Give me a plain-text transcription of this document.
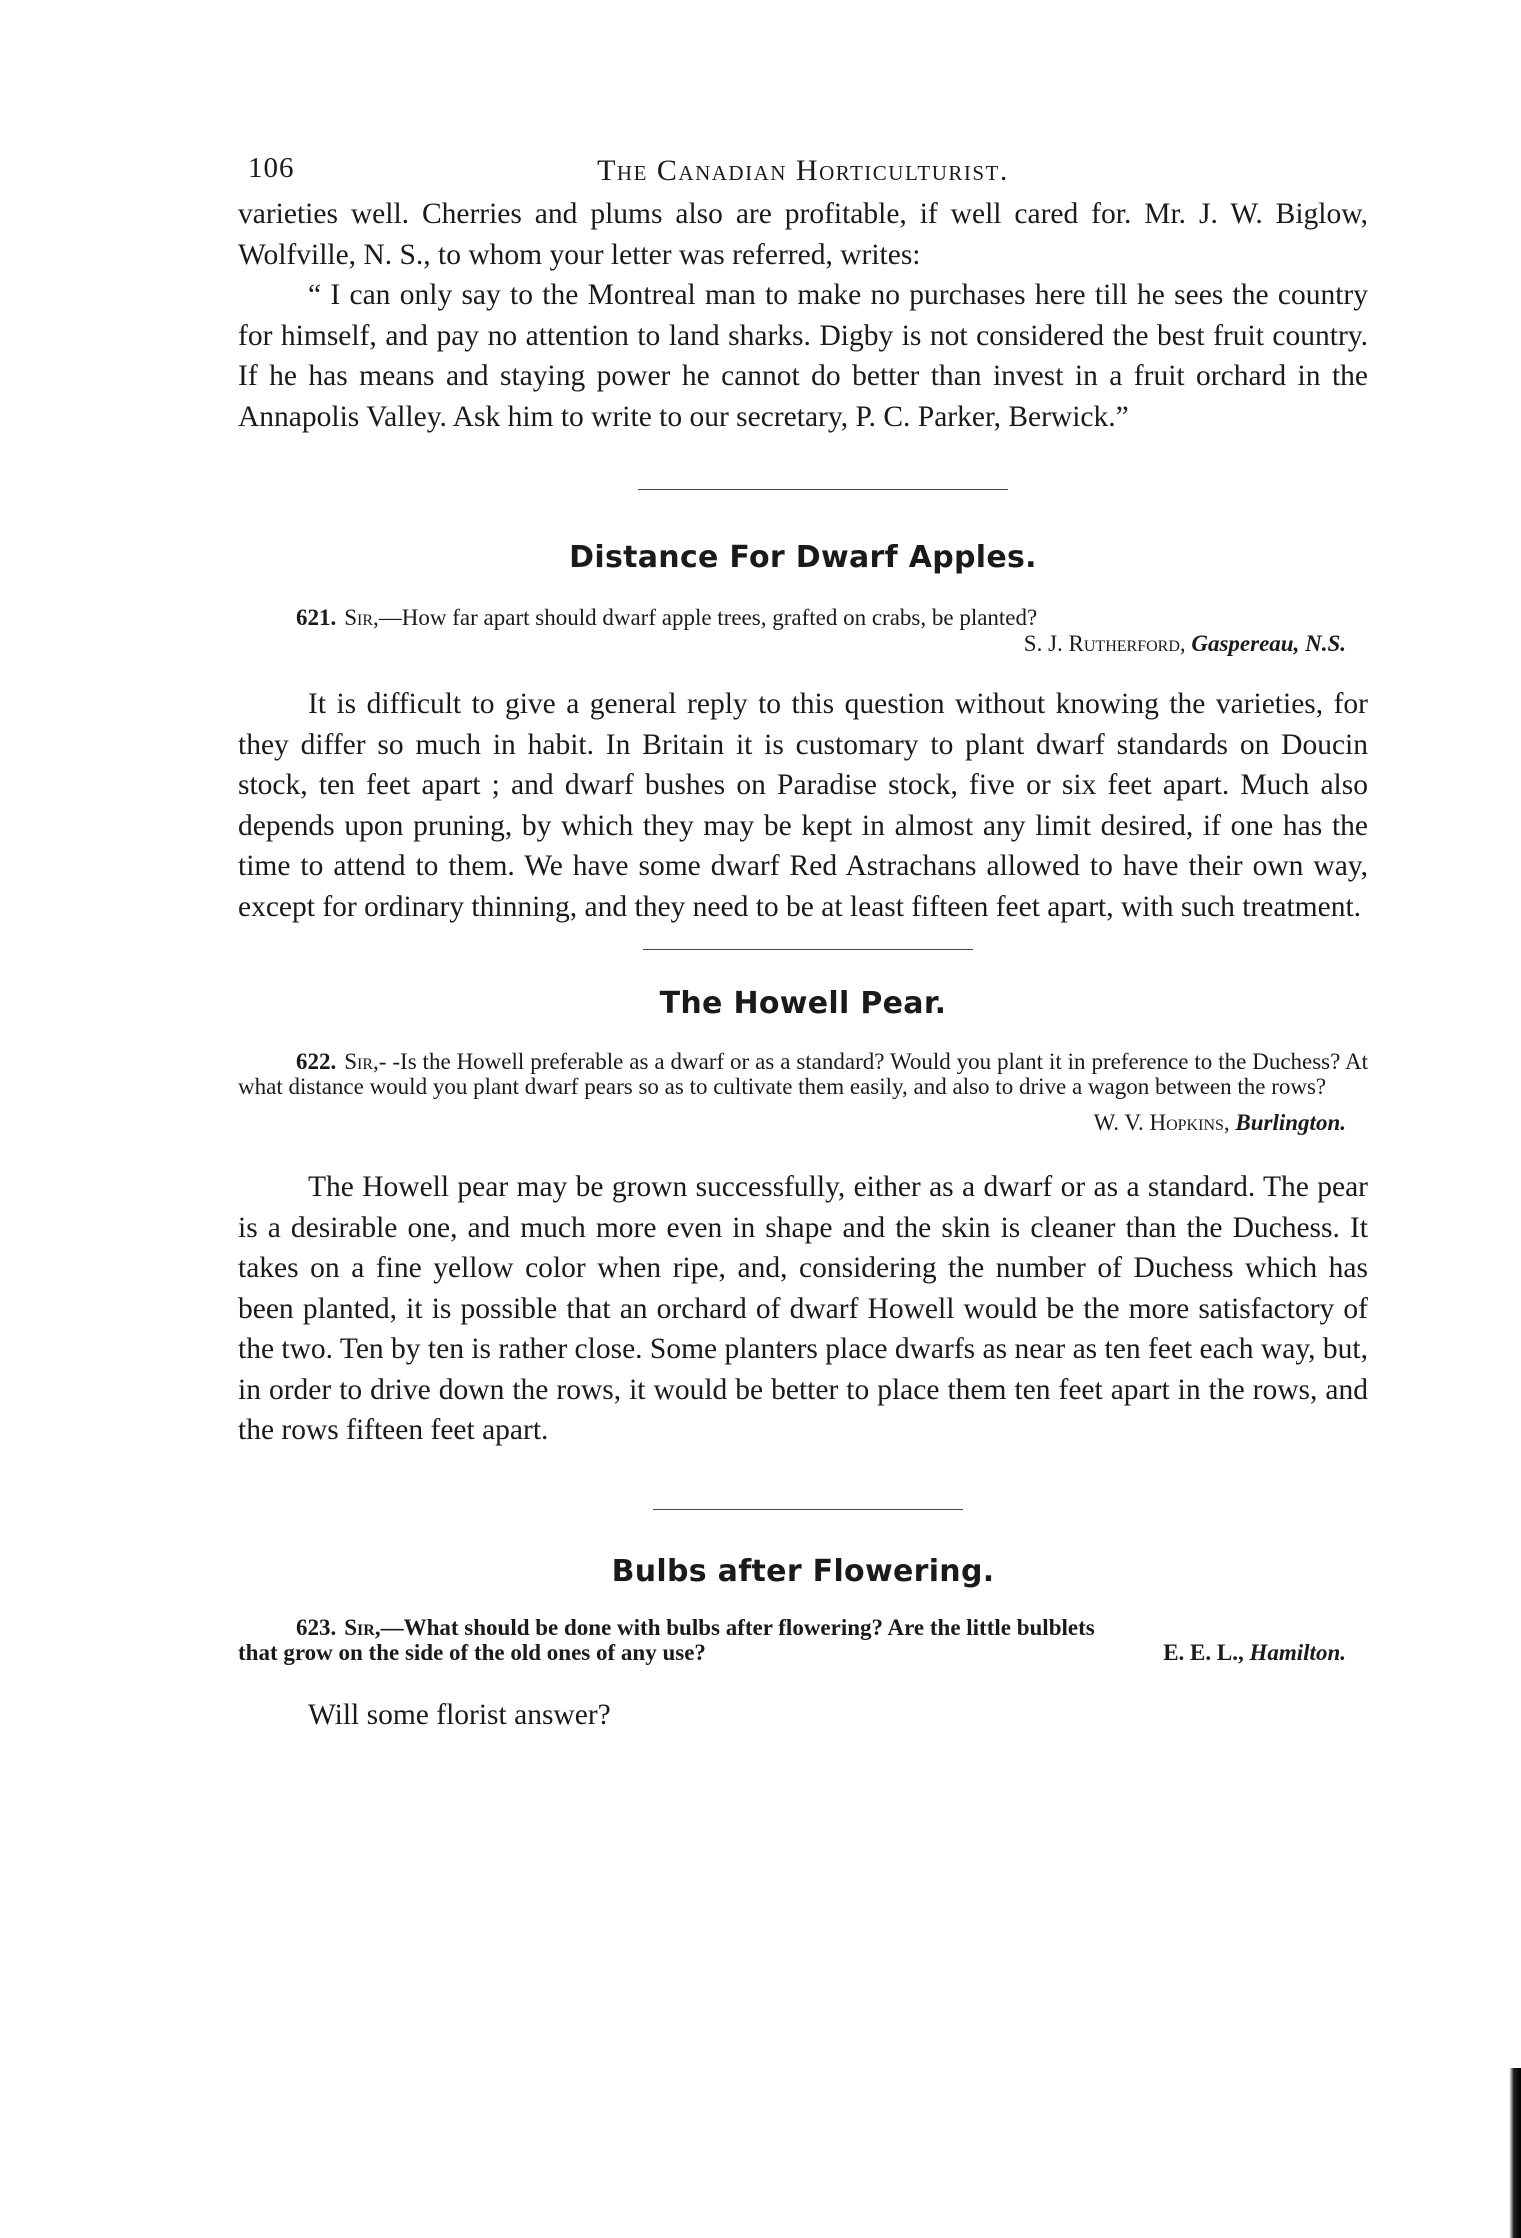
106	The Canadian Horticulturist.

varieties well. Cherries and plums also are profitable, if well cared for. Mr. J. W. Biglow, Wolfville, N. S., to whom your letter was referred, writes:

“ I can only say to the Montreal man to make no purchases here till he sees the country for himself, and pay no attention to land sharks. Digby is not considered the best fruit country. If he has means and staying power he cannot do better than invest in a fruit orchard in the Annapolis Valley. Ask him to write to our secretary, P. C. Parker, Berwick.”

Distance For Dwarf Apples.

621. Sir,—How far apart should dwarf apple trees, grafted on crabs, be planted?

S. J. Rutherford, Gaspereau, N.S.

It is difficult to give a general reply to this question without knowing the varieties, for they differ so much in habit. In Britain it is customary to plant dwarf standards on Doucin stock, ten feet apart ; and dwarf bushes on Paradise stock, five or six feet apart. Much also depends upon pruning, by which they may be kept in almost any limit desired, if one has the time to attend to them. We have some dwarf Red Astrachans allowed to have their own way, except for ordinary thinning, and they need to be at least fifteen feet apart, with such treatment.

The Howell Pear.

622. Sir,- -Is the Howell preferable as a dwarf or as a standard? Would you plant it in preference to the Duchess? At what distance would you plant dwarf pears so as to cultivate them easily, and also to drive a wagon between the rows?

W. V. Hopkins, Burlington.

The Howell pear may be grown successfully, either as a dwarf or as a standard. The pear is a desirable one, and much more even in shape and the skin is cleaner than the Duchess. It takes on a fine yellow color when ripe, and, considering the number of Duchess which has been planted, it is possible that an orchard of dwarf Howell would be the more satisfactory of the two. Ten by ten is rather close. Some planters place dwarfs as near as ten feet each way, but, in order to drive down the rows, it would be better to place them ten feet apart in the rows, and the rows fifteen feet apart.

Bulbs after Flowering.

623. Sir,—What should be done with bulbs after flowering? Are the little bulblets

that grow on the side of the old ones of any use?	E. E. L., Hamilton.

Will some florist answer?
